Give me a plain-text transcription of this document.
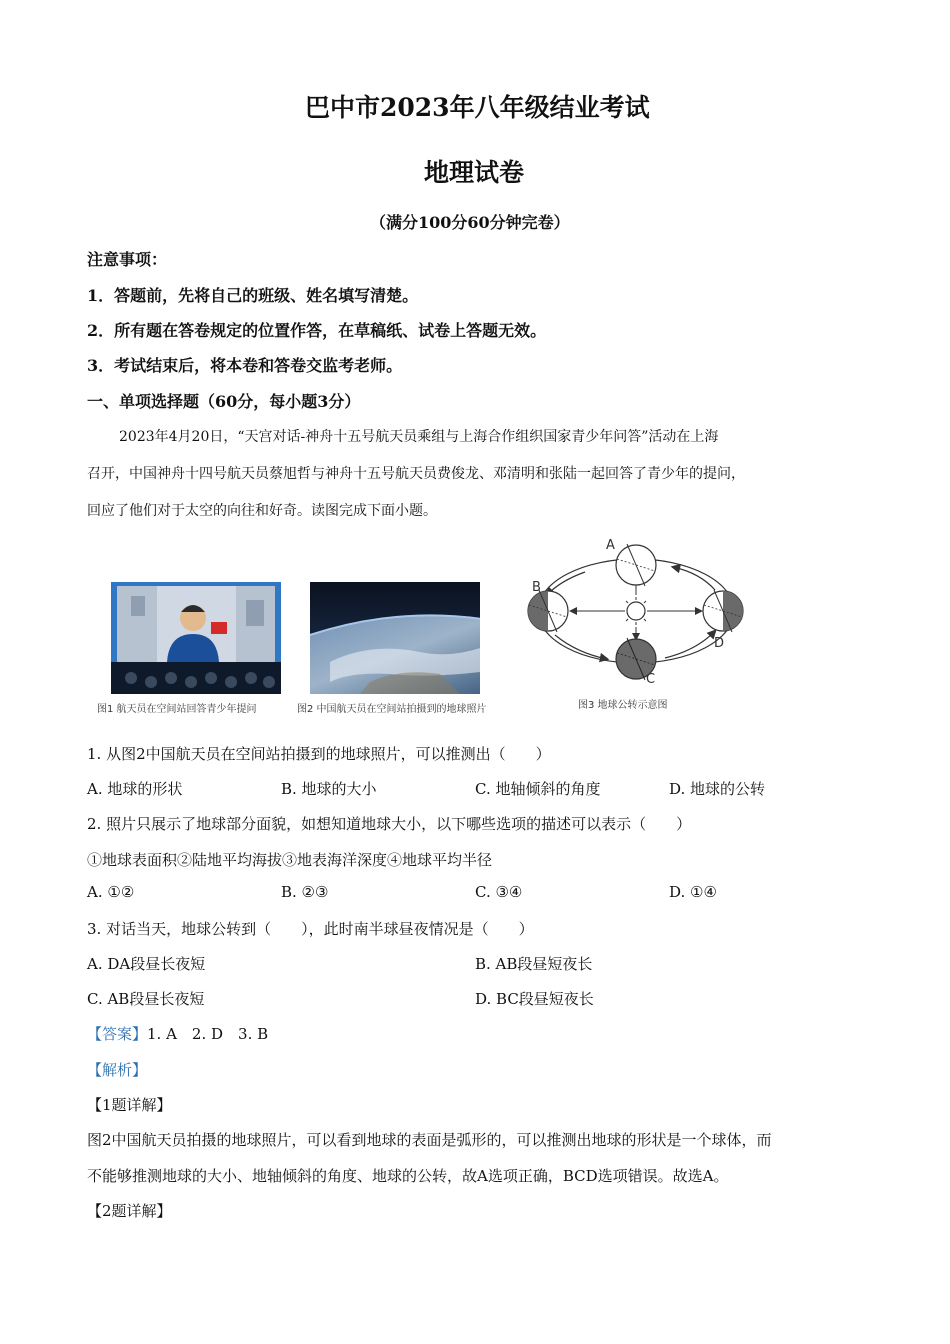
巴中市2023年八年级结业考试
地理试卷
（满分100分60分钟完卷）
注意事项：
1．答题前，先将自己的班级、姓名填写清楚。
2．所有题在答卷规定的位置作答，在草稿纸、试卷上答题无效。
3．考试结束后，将本卷和答卷交监考老师。
一、单项选择题（60分，每小题3分）
2023年4月20日，“天宫对话-神舟十五号航天员乘组与上海合作组织国家青少年问答”活动在上海
召开，中国神舟十四号航天员蔡旭哲与神舟十五号航天员费俊龙、邓清明和张陆一起回答了青少年的提问，
回应了他们对于太空的向往和好奇。读图完成下面小题。
图1 航天员在空间站回答青少年提问	图2 中国航天员在空间站拍摄到的地球照片
A
B
C
D
图3 地球公转示意图
1. 从图2中国航天员在空间站拍摄到的地球照片，可以推测出（　　）
A. 地球的形状	B. 地球的大小	C. 地轴倾斜的角度	D. 地球的公转
2. 照片只展示了地球部分面貌，如想知道地球大小，以下哪些选项的描述可以表示（　　）
①地球表面积②陆地平均海拔③地表海洋深度④地球平均半径
A. ①②	B. ②③	C. ③④	D. ①④
3. 对话当天，地球公转到（　　），此时南半球昼夜情况是（　　）
A. DA段昼长夜短	B. AB段昼短夜长
C. AB段昼长夜短	D. BC段昼短夜长
【答案】1. A　2. D　3. B
【解析】
【1题详解】
图2中国航天员拍摄的地球照片，可以看到地球的表面是弧形的，可以推测出地球的形状是一个球体，而
不能够推测地球的大小、地轴倾斜的角度、地球的公转，故A选项正确，BCD选项错误。故选A。
【2题详解】
